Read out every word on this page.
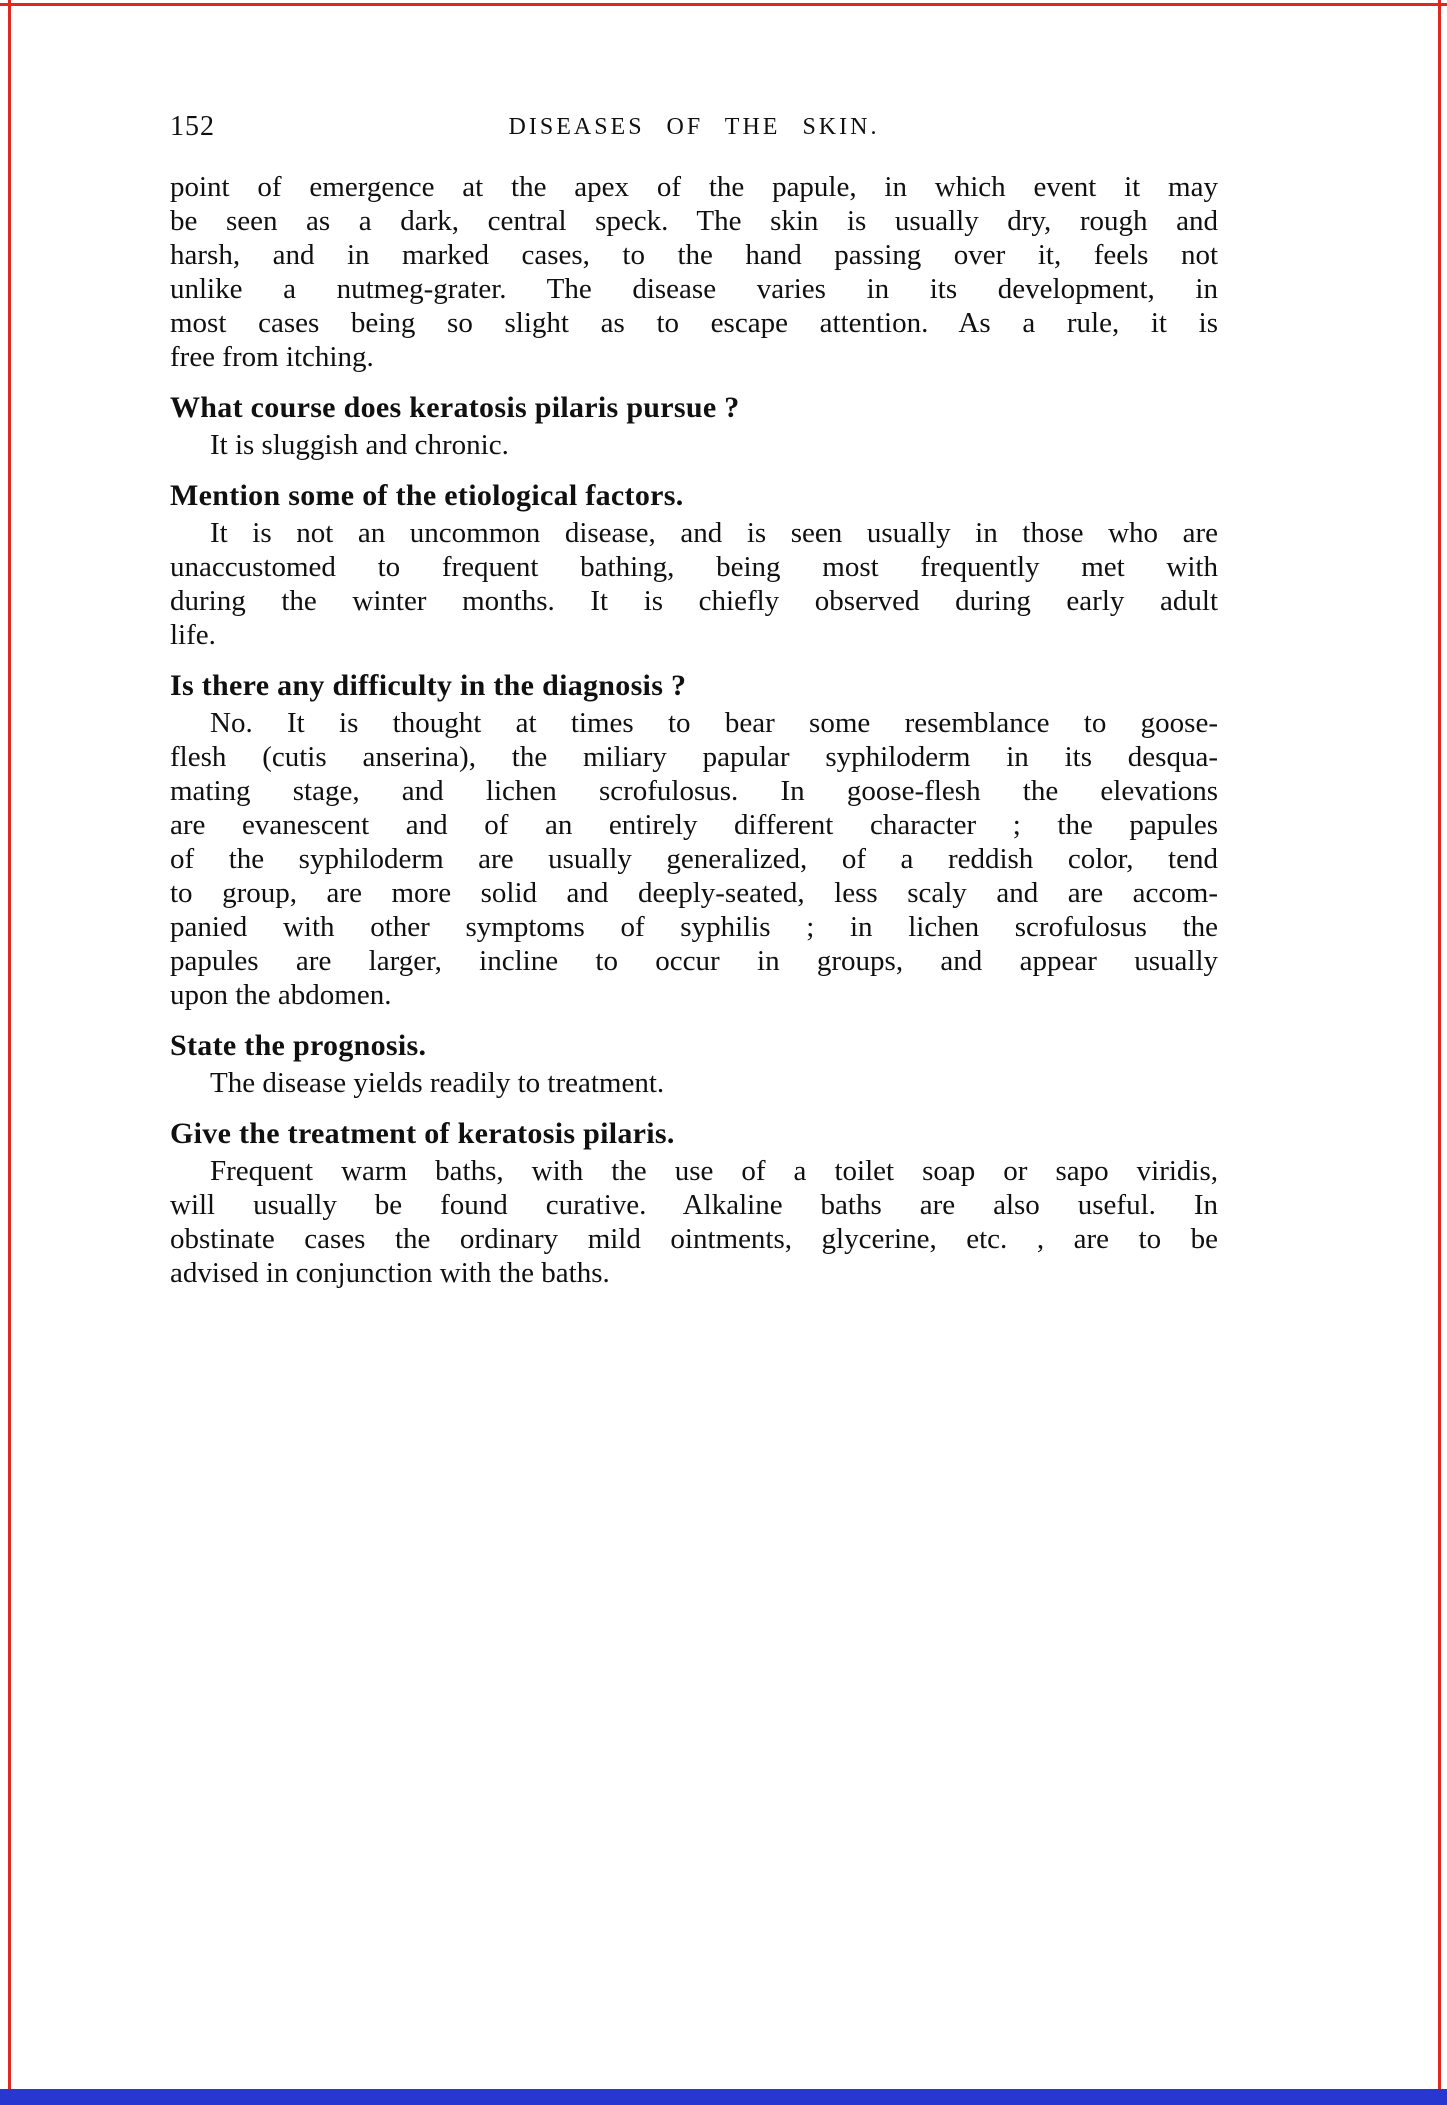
152	DISEASES OF THE SKIN.
point of emergence at the apex of the papule, in which event it may
be seen as a dark, central speck. The skin is usually dry, rough and
harsh, and in marked cases, to the hand passing over it, feels not
unlike a nutmeg-grater. The disease varies in its development, in
most cases being so slight as to escape attention. As a rule, it is
free from itching.
What course does keratosis pilaris pursue ?
It is sluggish and chronic.
Mention some of the etiological factors.
It is not an uncommon disease, and is seen usually in those who are
unaccustomed to frequent bathing, being most frequently met with
during the winter months. It is chiefly observed during early adult
life.
Is there any difficulty in the diagnosis ?
No. It is thought at times to bear some resemblance to goose-
flesh (cutis anserina), the miliary papular syphiloderm in its desqua-
mating stage, and lichen scrofulosus. In goose-flesh the elevations
are evanescent and of an entirely different character ; the papules
of the syphiloderm are usually generalized, of a reddish color, tend
to group, are more solid and deeply-seated, less scaly and are accom-
panied with other symptoms of syphilis ; in lichen scrofulosus the
papules are larger, incline to occur in groups, and appear usually
upon the abdomen.
State the prognosis.
The disease yields readily to treatment.
Give the treatment of keratosis pilaris.
Frequent warm baths, with the use of a toilet soap or sapo viridis,
will usually be found curative. Alkaline baths are also useful. In
obstinate cases the ordinary mild ointments, glycerine, etc. , are to be
advised in conjunction with the baths.
